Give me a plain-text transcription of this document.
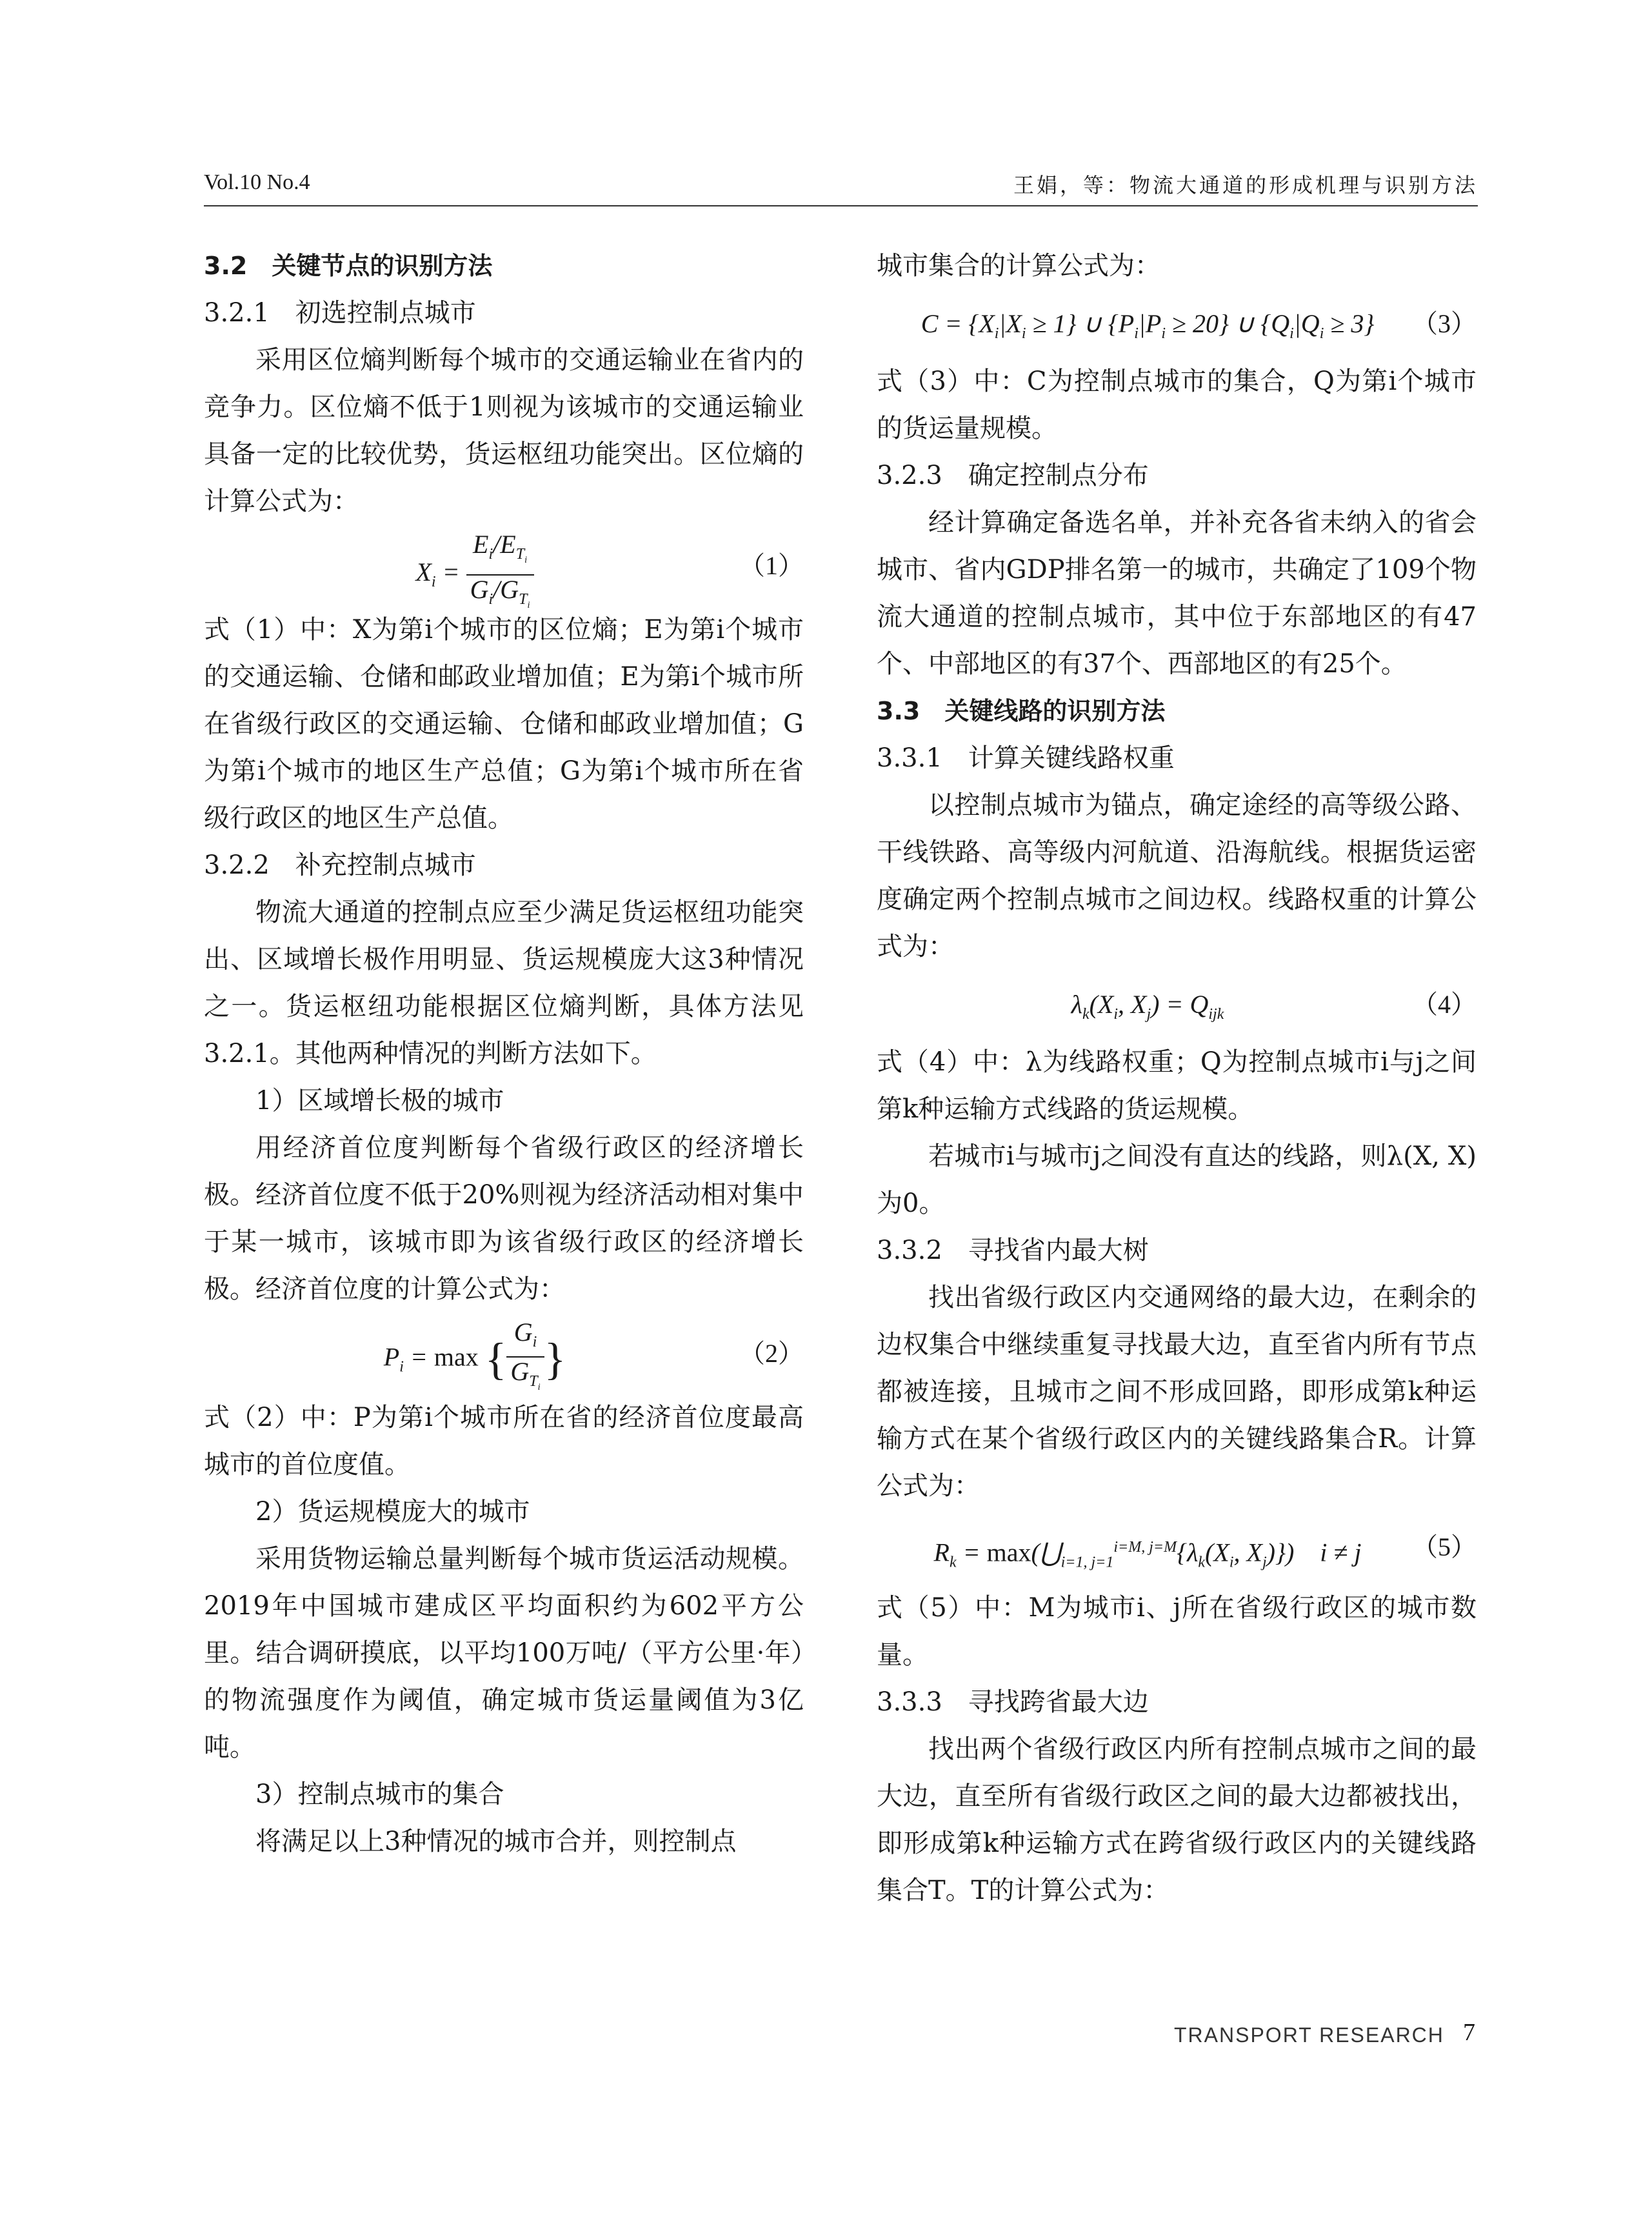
Vol.10 No.4	王娟，等：物流大通道的形成机理与识别方法

3.2　关键节点的识别方法

3.2.1　初选控制点城市

采用区位熵判断每个城市的交通运输业在省内的竞争力。区位熵不低于1则视为该城市的交通运输业具备一定的比较优势，货运枢纽功能突出。区位熵的计算公式为：

$X_i = \frac{E_i/E_{T_i}}{G_i/G_{T_i}}$	（1）

式（1）中：X为第i个城市的区位熵；E为第i个城市的交通运输、仓储和邮政业增加值；E为第i个城市所在省级行政区的交通运输、仓储和邮政业增加值；G为第i个城市的地区生产总值；G为第i个城市所在省级行政区的地区生产总值。

3.2.2　补充控制点城市

物流大通道的控制点应至少满足货运枢纽功能突出、区域增长极作用明显、货运规模庞大这3种情况之一。货运枢纽功能根据区位熵判断，具体方法见3.2.1。其他两种情况的判断方法如下。

1）区域增长极的城市

用经济首位度判断每个省级行政区的经济增长极。经济首位度不低于20%则视为经济活动相对集中于某一城市，该城市即为该省级行政区的经济增长极。经济首位度的计算公式为：

$P_i = \max$ { $\frac{G_i}{G_{T_i}}$ }	（2）

式（2）中：P为第i个城市所在省的经济首位度最高城市的首位度值。

2）货运规模庞大的城市

采用货物运输总量判断每个城市货运活动规模。2019年中国城市建成区平均面积约为602平方公里。结合调研摸底，以平均100万吨/（平方公里·年）的物流强度作为阈值，确定城市货运量阈值为3亿吨。

3）控制点城市的集合

将满足以上3种情况的城市合并，则控制点

城市集合的计算公式为：

$C = \{X_i|X_i \ge 1\}$ ∪ $\{P_i|P_i \ge 20\}$ ∪ $\{Q_i|Q_i \ge 3\}$	（3）

式（3）中：C为控制点城市的集合，Q为第i个城市的货运量规模。

3.2.3　确定控制点分布

经计算确定备选名单，并补充各省未纳入的省会城市、省内GDP排名第一的城市，共确定了109个物流大通道的控制点城市，其中位于东部地区的有47个、中部地区的有37个、西部地区的有25个。

3.3　关键线路的识别方法

3.3.1　计算关键线路权重

以控制点城市为锚点，确定途经的高等级公路、干线铁路、高等级内河航道、沿海航线。根据货运密度确定两个控制点城市之间边权。线路权重的计算公式为：

$\lambda_k(X_i$, $X_j) = Q_{ijk}$	（4）

式（4）中：λ为线路权重；Q为控制点城市i与j之间第k种运输方式线路的货运规模。

若城市i与城市j之间没有直达的线路，则λ(X, X)为0。

3.3.2　寻找省内最大树

找出省级行政区内交通网络的最大边，在剩余的边权集合中继续重复寻找最大边，直至省内所有节点都被连接，且城市之间不形成回路，即形成第k种运输方式在某个省级行政区内的关键线路集合R。计算公式为：

$R_k$ = $\max(⋃_{i=1, j=1}^{i=M, j=M}\{\lambda_k(X_i$, $X_j$)})    i ≠ j	（5）

式（5）中：M为城市i、j所在省级行政区的城市数量。

3.3.3　寻找跨省最大边

找出两个省级行政区内所有控制点城市之间的最大边，直至所有省级行政区之间的最大边都被找出，即形成第k种运输方式在跨省级行政区内的关键线路集合T。T的计算公式为：

TRANSPORT RESEARCH 7
